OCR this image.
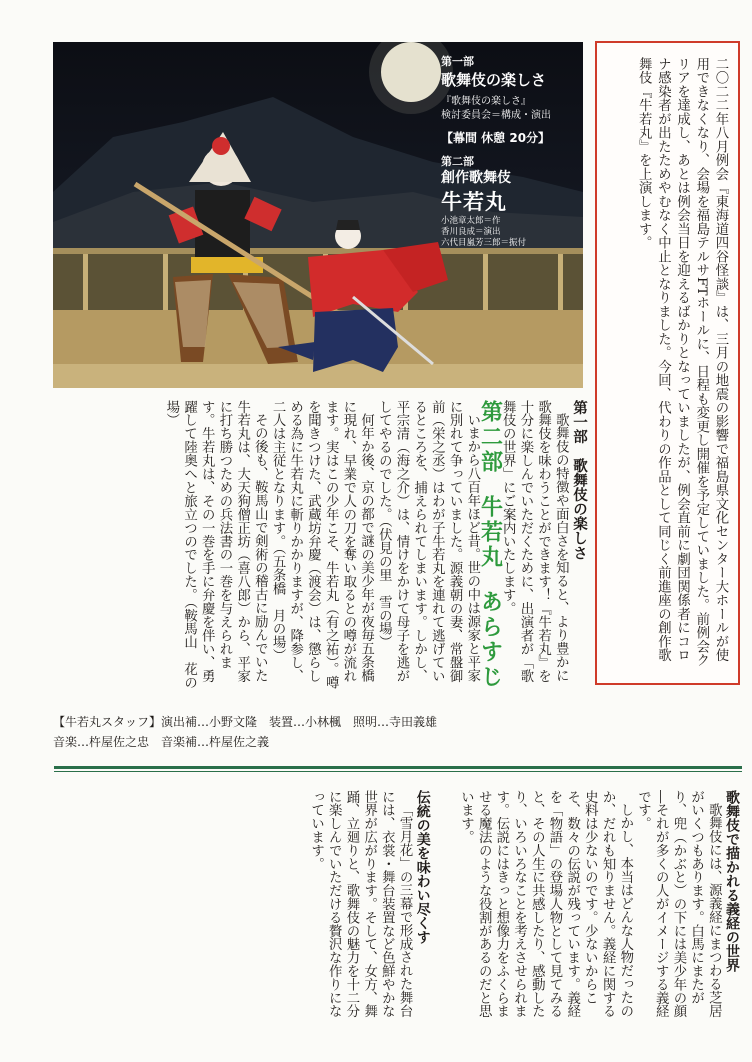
第一部
歌舞伎の楽しさ
『歌舞伎の楽しさ』
検討委員会＝構成・演出
【幕間 休憩 20分】
第二部
創作歌舞伎
牛若丸
小池章太郎＝作
香川良成＝演出
六代目嵐芳三郎＝振付	二〇二二年八月例会『東海道四谷怪談』は、三月の地震の影響で福島県文化センター大ホールが使用できなくなり、会場を福島テルサFTホールに、日程も変更し開催を予定していました。前例会クリアを達成し、あとは例会当日を迎えるばかりとなっていましたが、例会直前に劇団関係者にコロナ感染者が出たためやむなく中止となりました。今回、代わりの作品として同じく前進座の創作歌舞伎『牛若丸』を上演します。
第一部　歌舞伎の楽しさ

歌舞伎の特徴や面白さを知ると、より豊かに歌舞伎を味わうことができます！『牛若丸』を十分に楽しんでいただくために、出演者が「歌舞伎の世界」にご案内いたします。

第二部牛若丸あらすじ

いまから八百年ほど昔。世の中は源家と平家に別れて争っていました。源義朝の妻、常盤御前（栄之丞）はわが子牛若丸を連れて逃げているところを、捕えられてしまいます。しかし、平宗清（海之介）は、情けをかけて母子を逃がしてやるのでした。（伏見の里　雪の場）

何年か後、京の都で謎の美少年が夜毎五条橋に現れ、早業で人の刀を奪い取るとの噂が流れます。実はこの少年こそ、牛若丸（有之祐）。噂を聞きつけた、武蔵坊弁慶（渡会）は、懲らしめる為に牛若丸に斬りかかりますが、降参し、二人は主従となります。（五条橋　月の場）

その後も、鞍馬山で剣術の稽古に励んでいた牛若丸は、大天狗僧正坊（喜八郎）から、平家に打ち勝つための兵法書の一巻を与えられます。牛若丸は、その一巻を手に弁慶を伴い、勇躍して陸奥へと旅立つのでした。（鞍馬山　花の場）

【牛若丸スタッフ】演出補…小野文隆　装置…小林楓　照明…寺田義雄
音楽…杵屋佐之忠　音楽補…杵屋佐之義
歌舞伎で描かれる義経の世界

歌舞伎には、源義経にまつわる芝居がいくつもあります。白馬にまたがり、兜（かぶと）の下には美少年の顔―それが多くの人がイメージする義経です。

しかし、本当はどんな人物だったのか、だれも知りません。義経に関する史料は少ないのです。少ないからこそ、数々の伝説が残っています。義経を「物語」の登場人物として見てみると、その人生に共感したり、感動したり、いろいろなことを考えさせられます。伝説にはきっと想像力をふくらませる魔法のような役割があるのだと思います。

伝統の美を味わい尽くす

「雪月花」の三幕で形成された舞台には、衣裳・舞台装置など色鮮やかな世界が広がります。そして、女方、舞踊、立廻りと、歌舞伎の魅力を十二分に楽しんでいただける贅沢な作りになっています。
